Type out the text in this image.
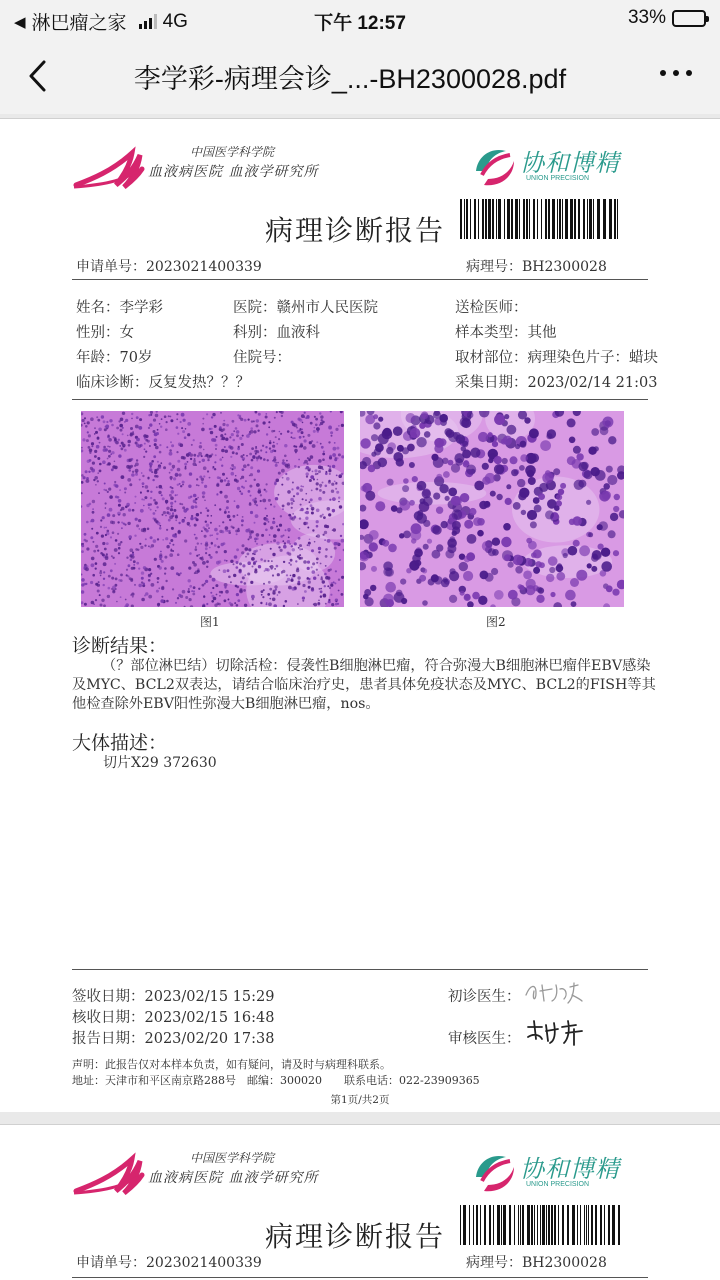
◀ 淋巴瘤之家 4G	下午 12:57	33%
李学彩-病理会诊_...-BH2300028.pdf
中国医学科学院
血液病医院 血液学研究所	协和博精
UNION PRECISION
病理诊断报告
申请单号：2023021400339	病理号：BH2300028
姓名：李学彩	医院：赣州市人民医院	送检医师：
性别：女	科别：血液科	样本类型：其他
年龄：70岁	住院号：	取材部位：病理染色片子：蜡块
临床诊断：反复发热？？？	采集日期：2023/02/14 21:03
图1	图2
诊断结果：
（？部位淋巴结）切除活检：侵袭性B细胞淋巴瘤，符合弥漫大B细胞淋巴瘤伴EBV感染及MYC、BCL2双表达，请结合临床治疗史，患者具体免疫状态及MYC、BCL2的FISH等其他检查除外EBV阳性弥漫大B细胞淋巴瘤，nos。
大体描述：
切片X29 372630
签收日期：2023/02/15 15:29
核收日期：2023/02/15 16:48
报告日期：2023/02/20 17:38
初诊医生：
审核医生：
声明：此报告仅对本样本负责，如有疑问，请及时与病理科联系。
地址：天津市和平区南京路288号　邮编：300020　　联系电话：022-23909365
第1页/共2页
中国医学科学院
血液病医院 血液学研究所	协和博精
UNION PRECISION
病理诊断报告
申请单号：2023021400339	病理号：BH2300028
